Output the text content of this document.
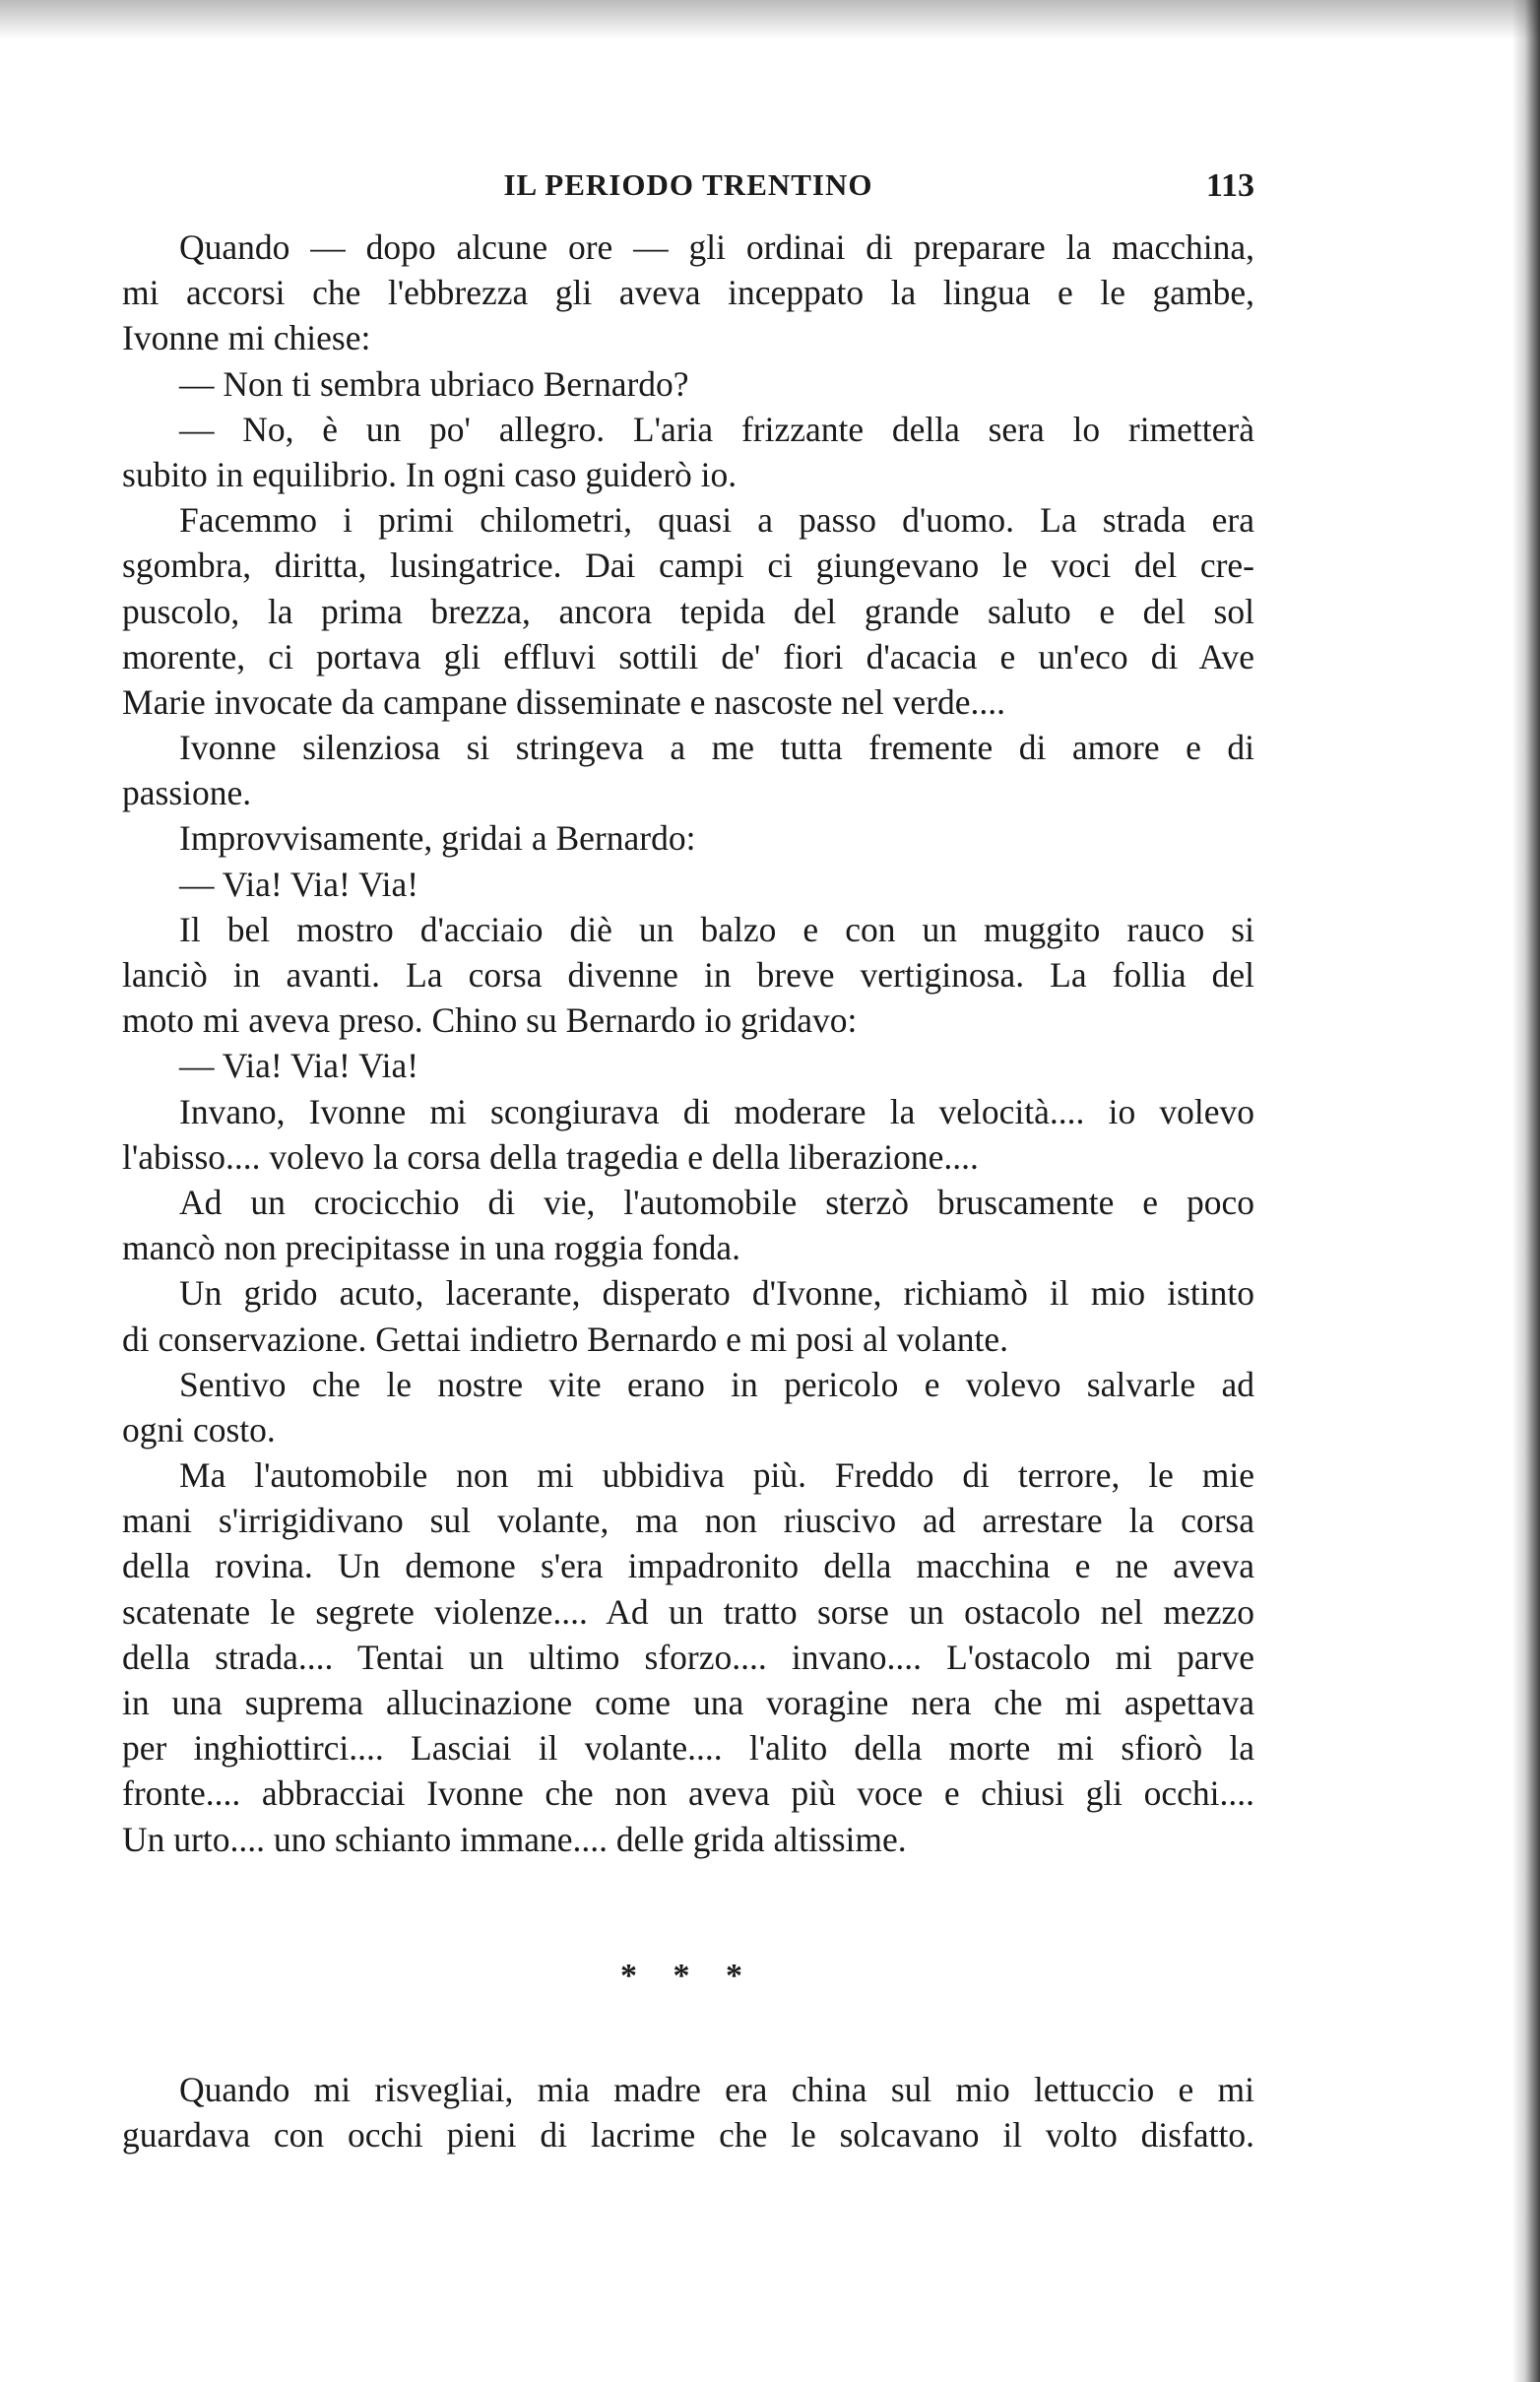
IL PERIODO TRENTINO	113
Quando — dopo alcune ore — gli ordinai di preparare la macchina,
mi accorsi che l'ebbrezza gli aveva inceppato la lingua e le gambe,
Ivonne mi chiese:
— Non ti sembra ubriaco Bernardo?
— No, è un po' allegro. L'aria frizzante della sera lo rimetterà
subito in equilibrio. In ogni caso guiderò io.
Facemmo i primi chilometri, quasi a passo d'uomo. La strada era
sgombra, diritta, lusingatrice. Dai campi ci giungevano le voci del cre-
puscolo, la prima brezza, ancora tepida del grande saluto e del sol
morente, ci portava gli effluvi sottili de' fiori d'acacia e un'eco di Ave
Marie invocate da campane disseminate e nascoste nel verde....
Ivonne silenziosa si stringeva a me tutta fremente di amore e di
passione.
Improvvisamente, gridai a Bernardo:
— Via! Via! Via!
Il bel mostro d'acciaio diè un balzo e con un muggito rauco si
lanciò in avanti. La corsa divenne in breve vertiginosa. La follia del
moto mi aveva preso. Chino su Bernardo io gridavo:
— Via! Via! Via!
Invano, Ivonne mi scongiurava di moderare la velocità.... io volevo
l'abisso.... volevo la corsa della tragedia e della liberazione....
Ad un crocicchio di vie, l'automobile sterzò bruscamente e poco
mancò non precipitasse in una roggia fonda.
Un grido acuto, lacerante, disperato d'Ivonne, richiamò il mio istinto
di conservazione. Gettai indietro Bernardo e mi posi al volante.
Sentivo che le nostre vite erano in pericolo e volevo salvarle ad
ogni costo.
Ma l'automobile non mi ubbidiva più. Freddo di terrore, le mie
mani s'irrigidivano sul volante, ma non riuscivo ad arrestare la corsa
della rovina. Un demone s'era impadronito della macchina e ne aveva
scatenate le segrete violenze.... Ad un tratto sorse un ostacolo nel mezzo
della strada.... Tentai un ultimo sforzo.... invano.... L'ostacolo mi parve
in una suprema allucinazione come una voragine nera che mi aspettava
per inghiottirci.... Lasciai il volante.... l'alito della morte mi sfiorò la
fronte.... abbracciai Ivonne che non aveva più voce e chiusi gli occhi....
Un urto.... uno schianto immane.... delle grida altissime.
* * *
Quando mi risvegliai, mia madre era china sul mio lettuccio e mi
guardava con occhi pieni di lacrime che le solcavano il volto disfatto.
